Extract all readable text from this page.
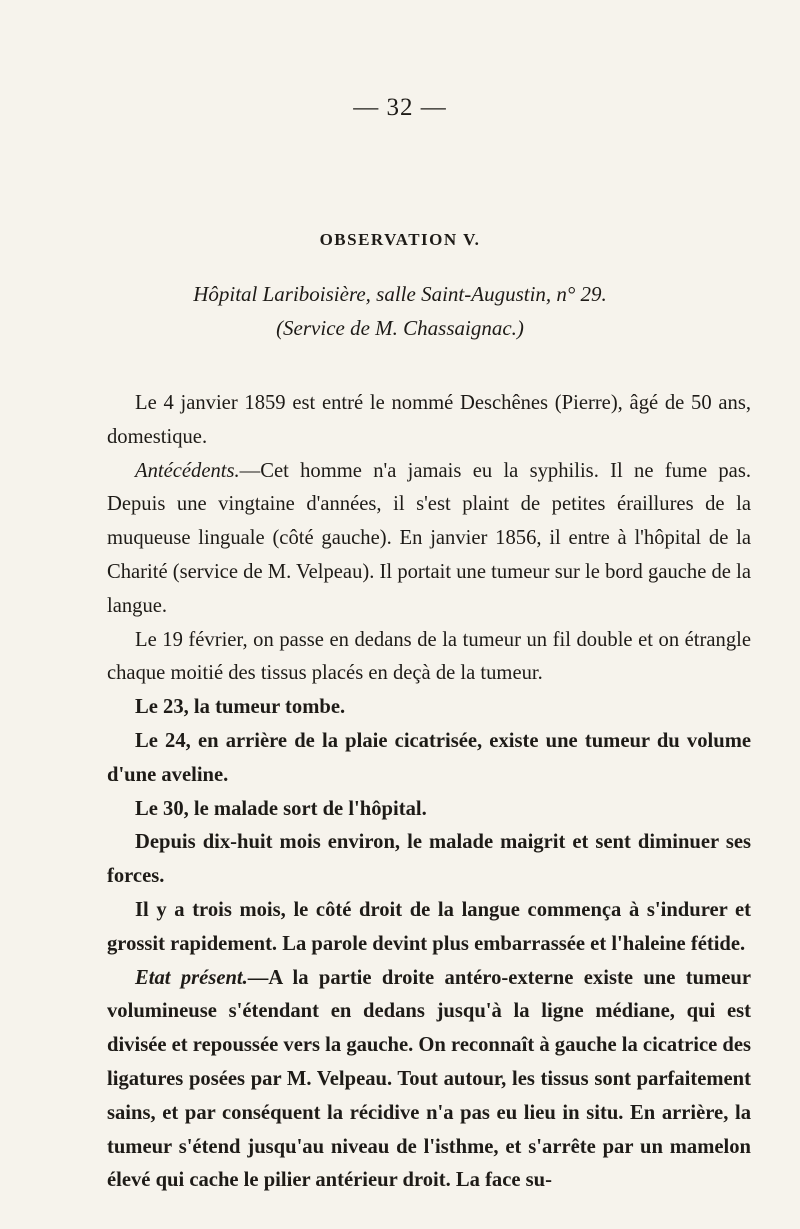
— 32 —
OBSERVATION V.
Hôpital Lariboisière, salle Saint-Augustin, n° 29.
(Service de M. Chassaignac.)

Le 4 janvier 1859 est entré le nommé Deschênes (Pierre), âgé de 50 ans, domestique.

Antécédents.—Cet homme n'a jamais eu la syphilis. Il ne fume pas. Depuis une vingtaine d'années, il s'est plaint de petites éraillures de la muqueuse linguale (côté gauche). En janvier 1856, il entre à l'hôpital de la Charité (service de M. Velpeau). Il portait une tumeur sur le bord gauche de la langue.

Le 19 février, on passe en dedans de la tumeur un fil double et on étrangle chaque moitié des tissus placés en deçà de la tumeur.

Le 23, la tumeur tombe.

Le 24, en arrière de la plaie cicatrisée, existe une tumeur du volume d'une aveline.

Le 30, le malade sort de l'hôpital.

Depuis dix-huit mois environ, le malade maigrit et sent diminuer ses forces.

Il y a trois mois, le côté droit de la langue commença à s'indurer et grossit rapidement. La parole devint plus embarrassée et l'haleine fétide.

Etat présent.—A la partie droite antéro-externe existe une tumeur volumineuse s'étendant en dedans jusqu'à la ligne médiane, qui est divisée et repoussée vers la gauche. On reconnaît à gauche la cicatrice des ligatures posées par M. Velpeau. Tout autour, les tissus sont parfaitement sains, et par conséquent la récidive n'a pas eu lieu in situ. En arrière, la tumeur s'étend jusqu'au niveau de l'isthme, et s'arrête par un mamelon élevé qui cache le pilier antérieur droit. La face su-
